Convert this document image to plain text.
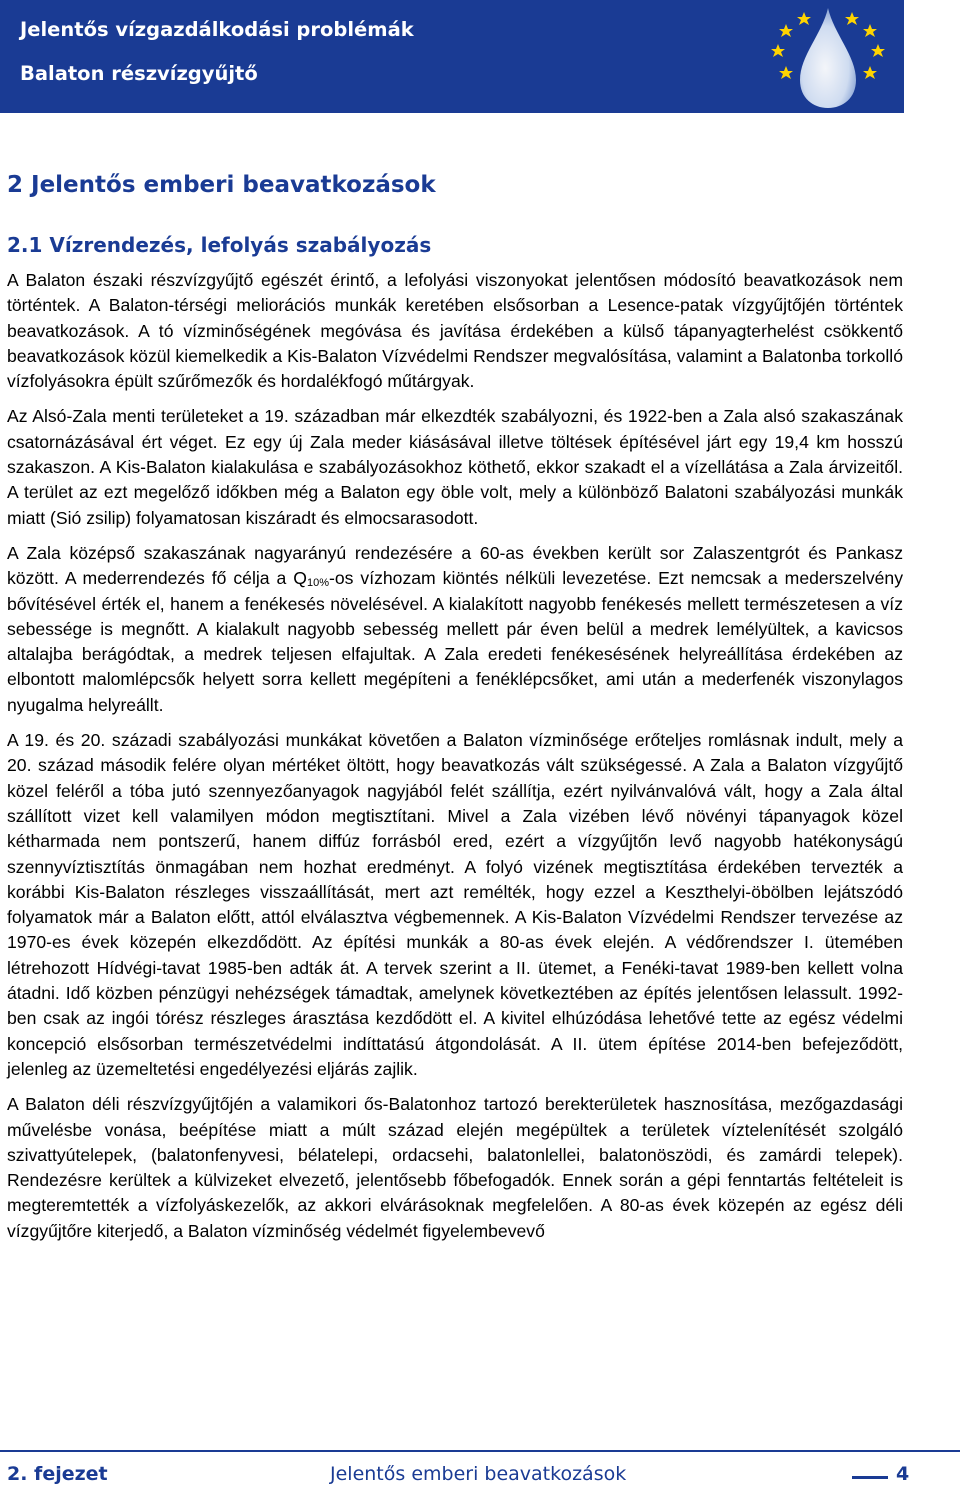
Jelentős vízgazdálkodási problémák
Balaton részvízgyűjtő
2 Jelentős emberi beavatkozások
2.1 Vízrendezés, lefolyás szabályozás

A Balaton északi részvízgyűjtő egészét érintő, a lefolyási viszonyokat jelentősen módosító beavatkozások nem történtek. A Balaton-térségi meliorációs munkák keretében elsősorban a Lesence-patak vízgyűjtőjén történtek beavatkozások. A tó vízminőségének megóvása és javítása érdekében a külső tápanyagterhelést csökkentő beavatkozások közül kiemelkedik a Kis-Balaton Vízvédelmi Rendszer megvalósítása, valamint a Balatonba torkolló vízfolyásokra épült szűrőmezők és hordalékfogó műtárgyak.

Az Alsó-Zala menti területeket a 19. században már elkezdték szabályozni, és 1922-ben a Zala alsó szakaszának csatornázásával ért véget. Ez egy új Zala meder kiásásával illetve töltések építésével járt egy 19,4 km hosszú szakaszon. A Kis-Balaton kialakulása e szabályozásokhoz köthető, ekkor szakadt el a vízellátása a Zala árvizeitől. A terület az ezt megelőző időkben még a Balaton egy öble volt, mely a különböző Balatoni szabályozási munkák miatt (Sió zsilip) folyamatosan kiszáradt és elmocsarasodott.

A Zala középső szakaszának nagyarányú rendezésére a 60-as években került sor Zalaszentgrót és Pankasz között. A mederrendezés fő célja a $Q_{10\%}-os$ vízhozam kiöntés nélküli levezetése. Ezt nemcsak a mederszelvény bővítésével érték el, hanem a fenékesés növelésével. A kialakított nagyobb fenékesés mellett természetesen a víz sebessége is megnőtt. A kialakult nagyobb sebesség mellett pár éven belül a medrek lemélyültek, a kavicsos altalajba berágódtak, a medrek teljesen elfajultak. A Zala eredeti fenékesésének helyreállítása érdekében az elbontott malomlépcsők helyett sorra kellett megépíteni a fenéklépcsőket, ami után a mederfenék viszonylagos nyugalma helyreállt.

A 19. és 20. századi szabályozási munkákat követően a Balaton vízminősége erőteljes romlásnak indult, mely a 20. század második felére olyan mértéket öltött, hogy beavatkozás vált szükségessé. A Zala a Balaton vízgyűjtő közel feléről a tóba jutó szennyezőanyagok nagyjából felét szállítja, ezért nyilvánvalóvá vált, hogy a Zala által szállított vizet kell valamilyen módon megtisztítani. Mivel a Zala vizében lévő növényi tápanyagok közel kétharmada nem pontszerű, hanem diffúz forrásból ered, ezért a vízgyűjtőn levő nagyobb hatékonyságú szennyvíztisztítás önmagában nem hozhat eredményt. A folyó vizének megtisztítása érdekében tervezték a korábbi Kis-Balaton részleges visszaállítását, mert azt remélték, hogy ezzel a Keszthelyi-öbölben lejátszódó folyamatok már a Balaton előtt, attól elválasztva végbemennek. A Kis-Balaton Vízvédelmi Rendszer tervezése az 1970-es évek közepén elkezdődött. Az építési munkák a 80-as évek elején. A védőrendszer I. ütemében létrehozott Hídvégi-tavat 1985-ben adták át. A tervek szerint a II. ütemet, a Fenéki-tavat 1989-ben kellett volna átadni. Idő közben pénzügyi nehézségek támadtak, amelynek következtében az építés jelentősen lelassult. 1992-ben csak az ingói tórész részleges árasztása kezdődött el. A kivitel elhúzódása lehetővé tette az egész védelmi koncepció elsősorban természetvédelmi indíttatású átgondolását. A II. ütem építése 2014-ben befejeződött, jelenleg az üzemeltetési engedélyezési eljárás zajlik.

A Balaton déli részvízgyűjtőjén a valamikori ős-Balatonhoz tartozó berekterületek hasznosítása, mezőgazdasági művelésbe vonása, beépítése miatt a múlt század elején megépültek a területek víztelenítését szolgáló szivattyútelepek, (balatonfenyvesi, bélatelepi, ordacsehi, balatonlellei, balatonöszödi, és zamárdi telepek). Rendezésre kerültek a külvizeket elvezető, jelentősebb főbefogadók. Ennek során a gépi fenntartás feltételeit is megteremtették a vízfolyáskezelők, az akkori elvárásoknak megfelelően. A 80-as évek közepén az egész déli vízgyűjtőre kiterjedő, a Balaton vízminőség védelmét figyelembevevő

2. fejezet	Jelentős emberi beavatkozások	4
